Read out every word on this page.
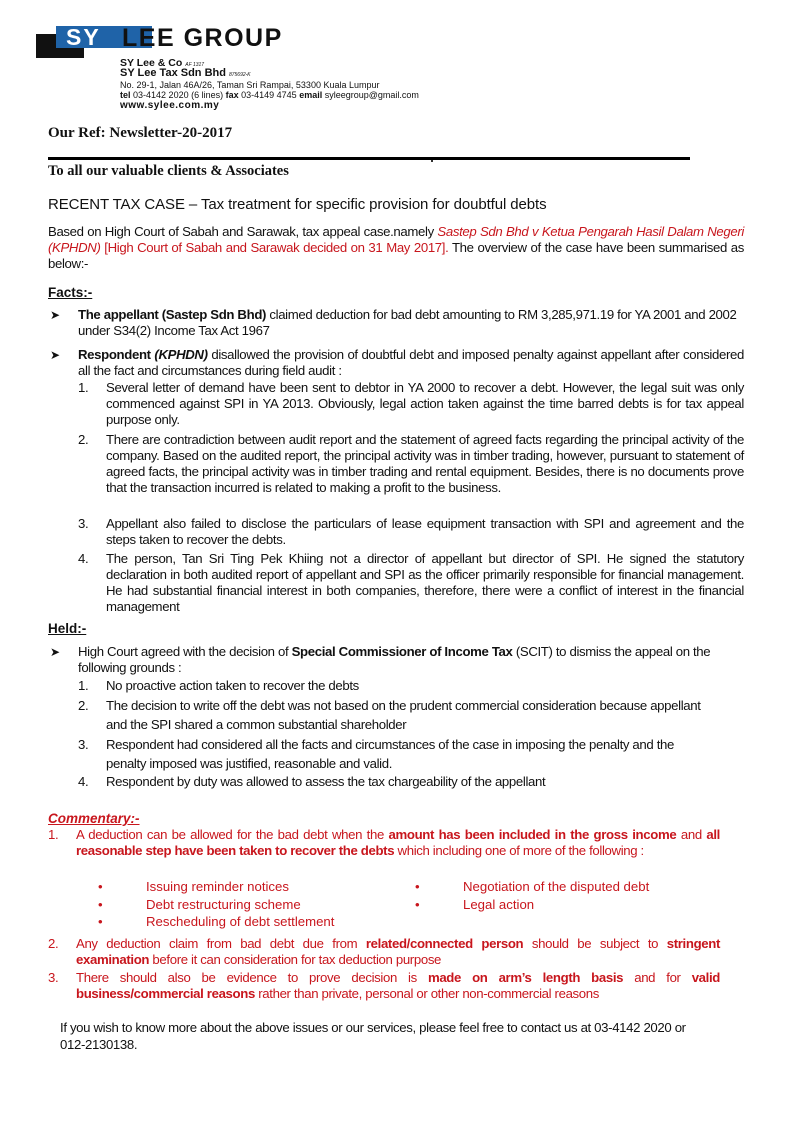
SY LEE GROUP
SY Lee & Co AF 1317
SY Lee Tax Sdn Bhd 875692-K
No. 29-1, Jalan 46A/26, Taman Sri Rampai, 53300 Kuala Lumpur
tel 03-4142 2020 (6 lines) fax 03-4149 4745 email syleegroup@gmail.com
www.sylee.com.my
Our Ref: Newsletter-20-2017
To all our valuable clients & Associates
RECENT TAX CASE – Tax treatment for specific provision for doubtful debts
Based on High Court of Sabah and Sarawak, tax appeal case.namely Sastep Sdn Bhd v Ketua Pengarah Hasil Dalam Negeri (KPHDN) [High Court of Sabah and Sarawak decided on 31 May 2017]. The overview of the case have been summarised as below:-
Facts:-
➤ The appellant (Sastep Sdn Bhd) claimed deduction for bad debt amounting to RM 3,285,971.19 for YA 2001 and 2002 under S34(2) Income Tax Act 1967
➤ Respondent (KPHDN) disallowed the provision of doubtful debt and imposed penalty against appellant after considered all the fact and circumstances during field audit :
1. Several letter of demand have been sent to debtor in YA 2000 to recover a debt. However, the legal suit was only commenced against SPI in YA 2013. Obviously, legal action taken against the time barred debts is for tax appeal purpose only.
2. There are contradiction between audit report and the statement of agreed facts regarding the principal activity of the company. Based on the audited report, the principal activity was in timber trading, however, pursuant to statement of agreed facts, the principal activity was in timber trading and rental equipment. Besides, there is no documents prove that the transaction incurred is related to making a profit to the business.
3. Appellant also failed to disclose the particulars of lease equipment transaction with SPI and agreement and the steps taken to recover the debts.
4. The person, Tan Sri Ting Pek Khiing not a director of appellant but director of SPI. He signed the statutory declaration in both audited report of appellant and SPI as the officer primarily responsible for financial management. He had substantial financial interest in both companies, therefore, there were a conflict of interest in the financial management
Held:-
➤ High Court agreed with the decision of Special Commissioner of Income Tax (SCIT) to dismiss the appeal on the following grounds :
1. No proactive action taken to recover the debts
2. The decision to write off the debt was not based on the prudent commercial consideration because appellant and the SPI shared a common substantial shareholder
3. Respondent had considered all the facts and circumstances of the case in imposing the penalty and the penalty imposed was justified, reasonable and valid.
4. Respondent by duty was allowed to assess the tax chargeability of the appellant
Commentary:-
1. A deduction can be allowed for the bad debt when the amount has been included in the gross income and all reasonable step have been taken to recover the debts which including one of more of the following :
•	Issuing reminder notices	•	Negotiation of the disputed debt
•	Debt restructuring scheme	•	Legal action
•	Rescheduling of debt settlement
2. Any deduction claim from bad debt due from related/connected person should be subject to stringent examination before it can consideration for tax deduction purpose
3. There should also be evidence to prove decision is made on arm’s length basis and for valid business/commercial reasons rather than private, personal or other non-commercial reasons
If you wish to know more about the above issues or our services, please feel free to contact us at 03-4142 2020 or 012-2130138.
